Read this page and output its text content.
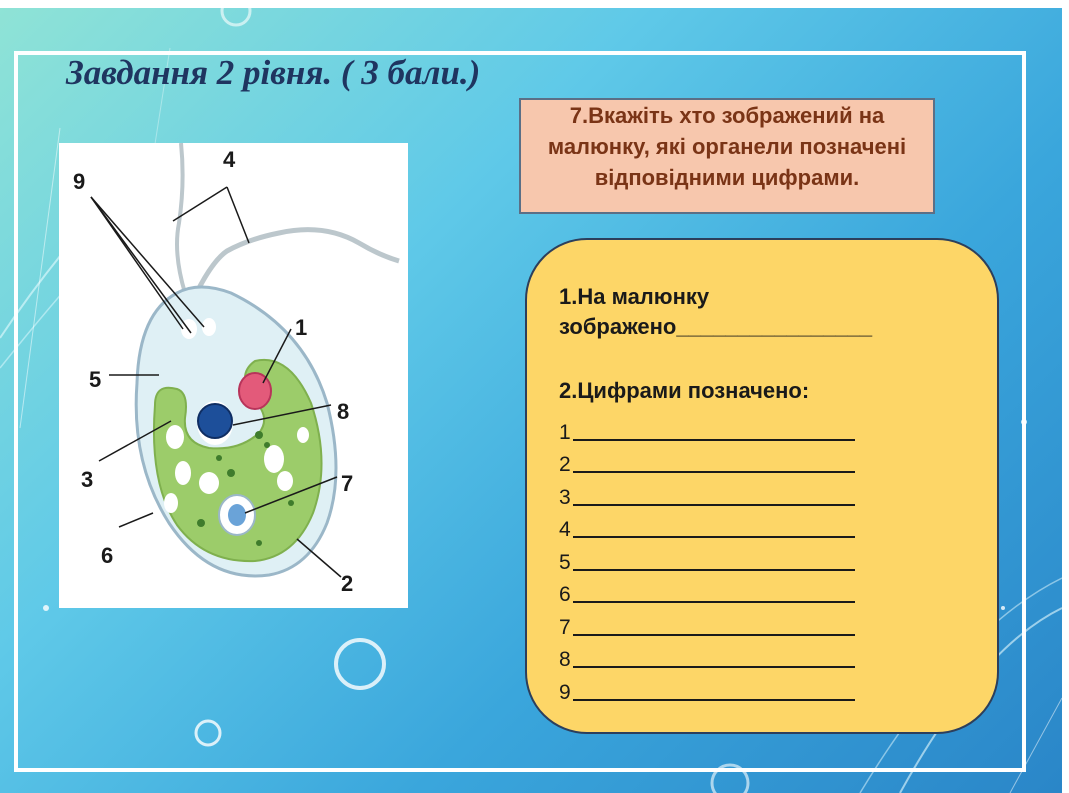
Завдання 2 рівня. ( 3 бали.)
9
4
1
5
8
3	7
6
2
7.Вкажіть хто зображений на малюнку, які органели позначені відповідними цифрами.

1.На малюнку
зображено________________

2.Цифрами позначено:

1
2
3
4
5
6
7
8
9
